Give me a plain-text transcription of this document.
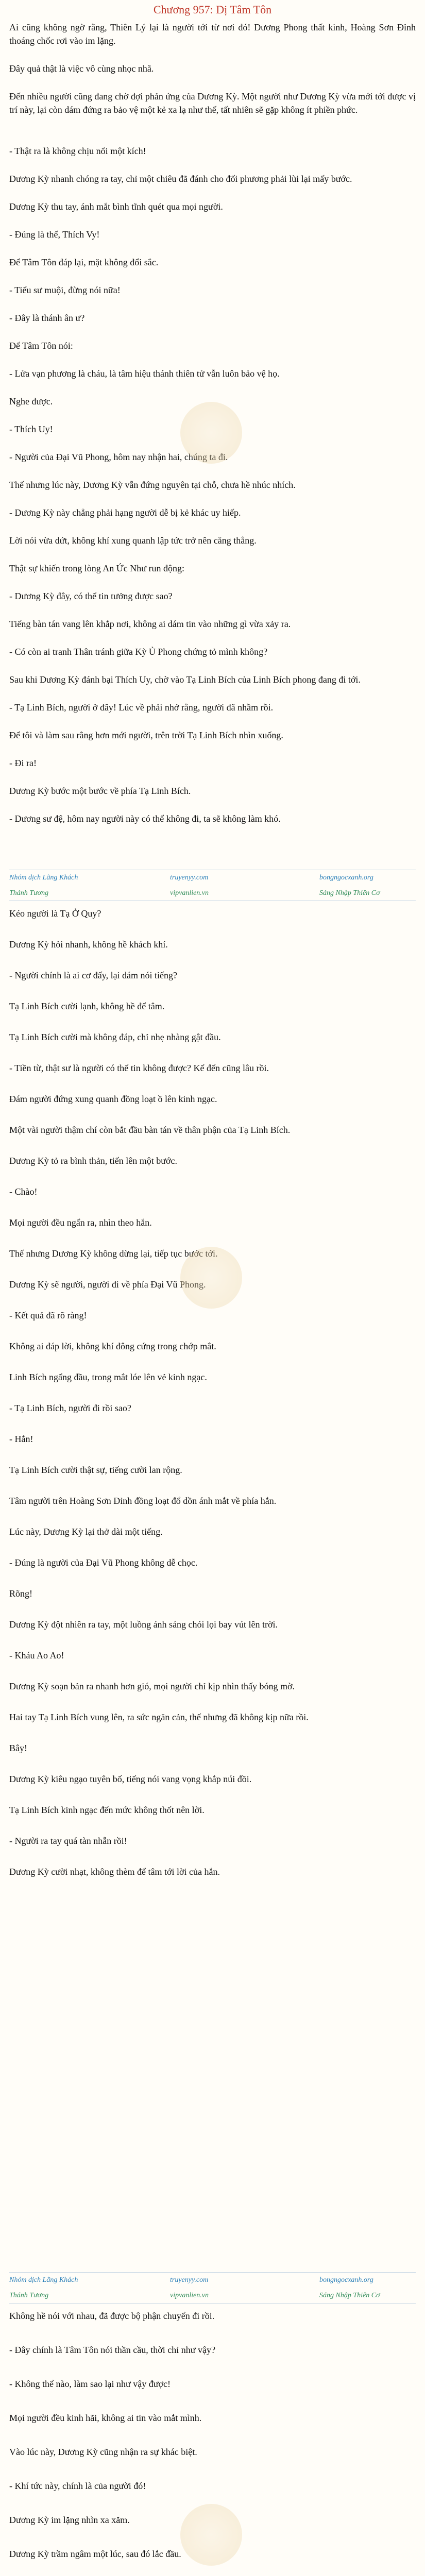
Chương 957: Dị Tâm Tôn
Ai cũng không ngờ rằng, Thiên Lý lại là người tới từ nơi đó! Dương Phong thất kinh, Hoàng Sơn Đỉnh thoáng chốc rơi vào im lặng.
Đây quả thật là việc vô cùng nhọc nhã.
Đến nhiều người cũng đang chờ đợi phản ứng của Dương Kỳ. Một người như Dương Kỳ vừa mới tới được vị trí này, lại còn dám đứng ra bảo vệ một kẻ xa lạ như thế, tất nhiên sẽ gặp không ít phiền phức.
- Thật ra là không chịu nổi một kích!
Dương Kỳ nhanh chóng ra tay, chỉ một chiêu đã đánh cho đối phương phải lùi lại mấy bước.
Dương Kỳ thu tay, ánh mắt bình tĩnh quét qua mọi người.
- Đúng là thế, Thích Vy!
Để Tâm Tôn đáp lại, mặt không đổi sắc.
- Tiểu sư muội, đừng nói nữa!
- Đây là thánh ân ư?
Để Tâm Tôn nói:
- Lửa vạn phương là cháu, là tâm hiệu thánh thiên tử vẫn luôn bảo vệ họ.
Nghe được.
- Thích Uy!
- Người của Đại Vũ Phong, hôm nay nhận hai, chúng ta đi.
Thế nhưng lúc này, Dương Kỳ vẫn đứng nguyên tại chỗ, chưa hề nhúc nhích.
- Dương Kỳ này chẳng phải hạng người dễ bị kẻ khác uy hiếp.
Lời nói vừa dứt, không khí xung quanh lập tức trở nên căng thẳng.
Thật sự khiến trong lòng An Ức Như run động:
- Dương Kỳ đây, có thể tin tưởng được sao?
Tiếng bàn tán vang lên khắp nơi, không ai dám tin vào những gì vừa xảy ra.
- Có còn ai tranh Thân tránh giữa Kỳ Ủ Phong chứng tỏ mình không?
Sau khi Dương Kỳ đánh bại Thích Uy, chờ vào Tạ Linh Bích của Linh Bích phong đang đi tới.
- Tạ Linh Bích, người ở đây! Lúc về phải nhớ rằng, người đã nhầm rồi.
Để tôi và làm sau rằng hơn mới người, trên trời Tạ Linh Bích nhìn xuống.
- Đi ra!
Dương Kỳ bước một bước về phía Tạ Linh Bích.
- Dương sư đệ, hôm nay người này có thể không đi, ta sẽ không làm khó.
Nhóm dịch Lãng Khách	truyenyy.com	bongngocxanh.org
Thánh Tương	vipvanlien.vn	Sáng Nhập Thiên Cơ
Kéo người là Tạ Ở Quy?
Dương Kỳ hỏi nhanh, không hề khách khí.
- Người chính là ai cơ đấy, lại dám nói tiếng?
Tạ Linh Bích cười lạnh, không hề để tâm.
Tạ Linh Bích cười mà không đáp, chỉ nhẹ nhàng gật đầu.
- Tiền từ, thật sư là người có thể tin không được? Kể đến cũng lâu rồi.
Đám người đứng xung quanh đồng loạt ồ lên kinh ngạc.
Một vài người thậm chí còn bắt đầu bàn tán về thân phận của Tạ Linh Bích.
Dương Kỳ tỏ ra bình thản, tiến lên một bước.
- Chào!
Mọi người đều ngẩn ra, nhìn theo hắn.
Thế nhưng Dương Kỳ không dừng lại, tiếp tục bước tới.
Dương Kỳ sẽ người, người đi về phía Đại Vũ Phong.
- Kết quả đã rõ ràng!
Không ai đáp lời, không khí đông cứng trong chớp mắt.
Linh Bích ngẩng đầu, trong mắt lóe lên vẻ kinh ngạc.
- Tạ Linh Bích, người đi rồi sao?
- Hắn!
Tạ Linh Bích cười thật sự, tiếng cười lan rộng.
Tâm người trên Hoàng Sơn Đỉnh đồng loạt đổ dồn ánh mắt về phía hắn.
Lúc này, Dương Kỳ lại thở dài một tiếng.
- Đúng là người của Đại Vũ Phong không dễ chọc.
Rõng!
Dương Kỳ đột nhiên ra tay, một luồng ánh sáng chói lọi bay vút lên trời.
- Kháu Ao Ao!
Dương Kỳ soạn bản ra nhanh hơn gió, mọi người chỉ kịp nhìn thấy bóng mờ.
Hai tay Tạ Linh Bích vung lên, ra sức ngăn cản, thế nhưng đã không kịp nữa rồi.
Bây!
Dương Kỳ kiêu ngạo tuyên bố, tiếng nói vang vọng khắp núi đồi.
Tạ Linh Bích kinh ngạc đến mức không thốt nên lời.
- Người ra tay quá tàn nhẫn rồi!
Dương Kỳ cười nhạt, không thèm để tâm tới lời của hắn.
Nhóm dịch Lãng Khách	truyenyy.com	bongngocxanh.org
Thánh Tương	vipvanlien.vn	Sáng Nhập Thiên Cơ
Không hề nói với nhau, đã được bộ phận chuyển đi rồi.
- Đây chính là Tâm Tôn nói thần cầu, thời chỉ như vậy?
- Không thể nào, làm sao lại như vậy được!
Mọi người đều kinh hãi, không ai tin vào mắt mình.
Vào lúc này, Dương Kỳ cũng nhận ra sự khác biệt.
- Khí tức này, chính là của người đó!
Dương Kỳ im lặng nhìn xa xăm.
Dương Kỳ trầm ngâm một lúc, sau đó lắc đầu.
